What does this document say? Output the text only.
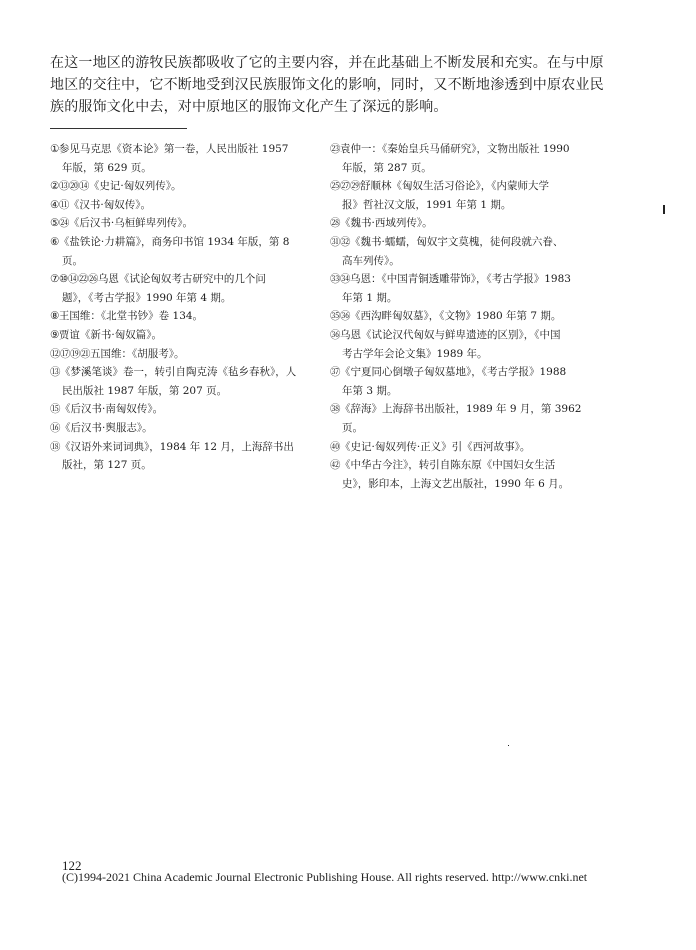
在这一地区的游牧民族都吸收了它的主要内容，并在此基础上不断发展和充实。在与中原地区的交往中，它不断地受到汉民族服饰文化的影响，同时，又不断地渗透到中原农业民族的服饰文化中去，对中原地区的服饰文化产生了深远的影响。

①参见马克思《资本论》第一卷，人民出版社 1957
年版，第 629 页。
②⑬⑳⑭《史记·匈奴列传》。
④⑪《汉书·匈奴传》。
⑤㉔《后汉书·乌桓鲜卑列传》。
⑥《盐铁论·力耕篇》，商务印书馆 1934 年版，第 8
页。
⑦⑩⑭㉒㉖乌恩《试论匈奴考古研究中的几个问
题》，《考古学报》1990 年第 4 期。
⑧王国维：《北堂书钞》卷 134。
⑨贾谊《新书·匈奴篇》。
⑫⑰⑲㉑五国维：《胡服考》。
⑬《梦溪笔谈》卷一，转引自陶克涛《毡乡春秋》，人
民出版社 1987 年版，第 207 页。
⑮《后汉书·南匈奴传》。
⑯《后汉书·舆服志》。
⑱《汉语外来词词典》，1984 年 12 月，上海辞书出
版社，第 127 页。
㉓袁仲一：《秦始皇兵马俑研究》，文物出版社 1990
年版，第 287 页。
㉕㉗㉙舒顺林《匈奴生活习俗论》，《内蒙师大学
报》哲社汉文版，1991 年第 1 期。
㉘《魏书·西域列传》。
㉛㉜《魏书·蠕蠕，匈奴宇文莫槐，徒何段就六眷、
高车列传》。
㉝㉞乌恩：《中国青铜透雕带饰》，《考古学报》1983
年第 1 期。
㉟㊱《西沟畔匈奴墓》，《文物》1980 年第 7 期。
㊱乌恩《试论汉代匈奴与鲜卑遗迹的区别》，《中国
考古学年会论文集》1989 年。
㊲《宁夏同心倒墩子匈奴墓地》，《考古学报》1988
年第 3 期。
㊳《辞海》上海辞书出版社，1989 年 9 月，第 3962
页。
㊵《史记·匈奴列传·正义》引《西河故事》。
㊷《中华古今注》，转引自陈东原《中国妇女生活
史》，影印本，上海文艺出版社，1990 年 6 月。
122
(C)1994-2021 China Academic Journal Electronic Publishing House. All rights reserved. http://www.cnki.net
